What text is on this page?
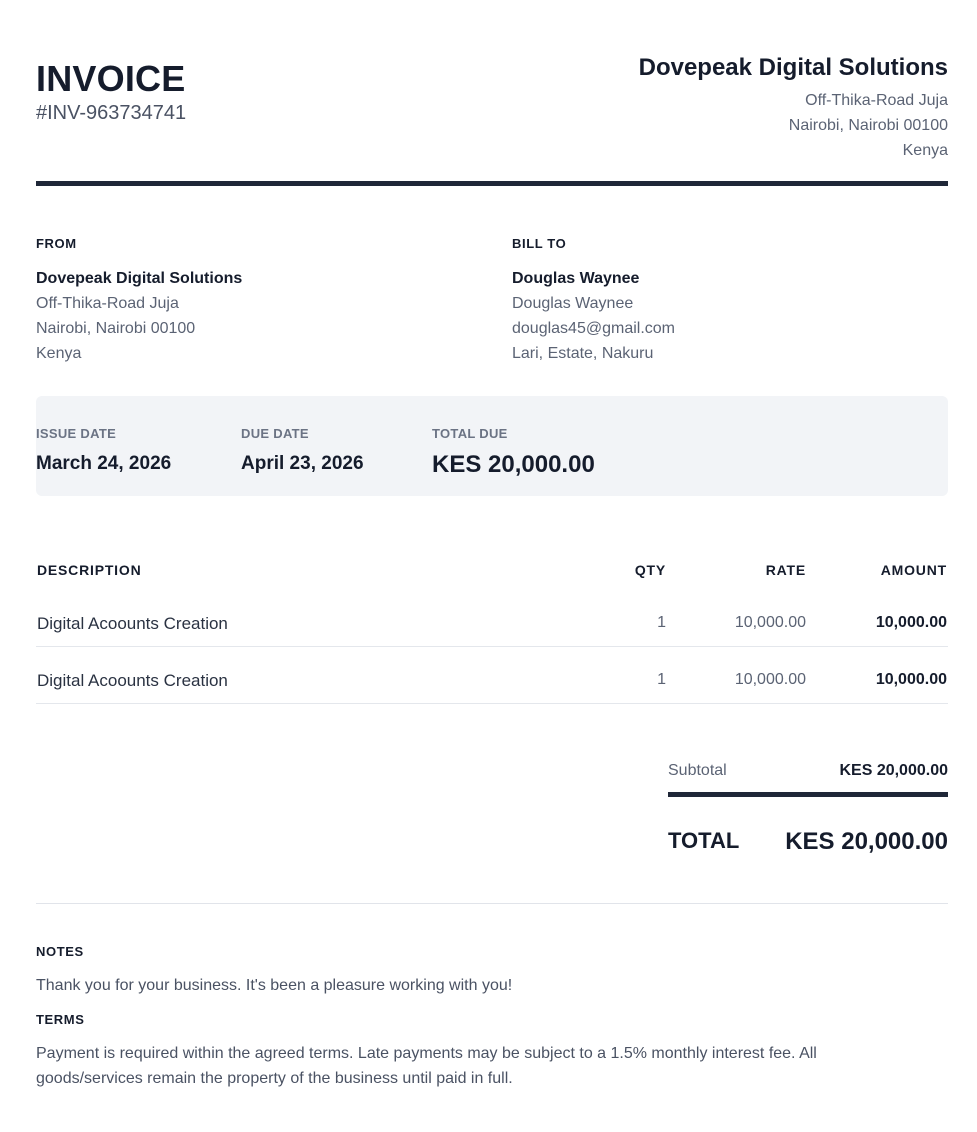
INVOICE
#INV-963734741
Dovepeak Digital Solutions
Off-Thika-Road Juja
Nairobi, Nairobi 00100
Kenya
FROM
Dovepeak Digital Solutions
Off-Thika-Road Juja
Nairobi, Nairobi 00100
Kenya
BILL TO
Douglas Waynee
Douglas Waynee
douglas45@gmail.com
Lari, Estate, Nakuru
ISSUE DATE
March 24, 2026
DUE DATE
April 23, 2026
TOTAL DUE
KES 20,000.00
DESCRIPTION	QTY	RATE	AMOUNT
Digital Acoounts Creation	1	10,000.00	10,000.00
Digital Acoounts Creation	1	10,000.00	10,000.00
Subtotal	KES 20,000.00
TOTAL KES 20,000.00
NOTES
Thank you for your business. It's been a pleasure working with you!
TERMS
Payment is required within the agreed terms. Late payments may be subject to a 1.5% monthly interest fee. All goods/services remain the property of the business until paid in full.
